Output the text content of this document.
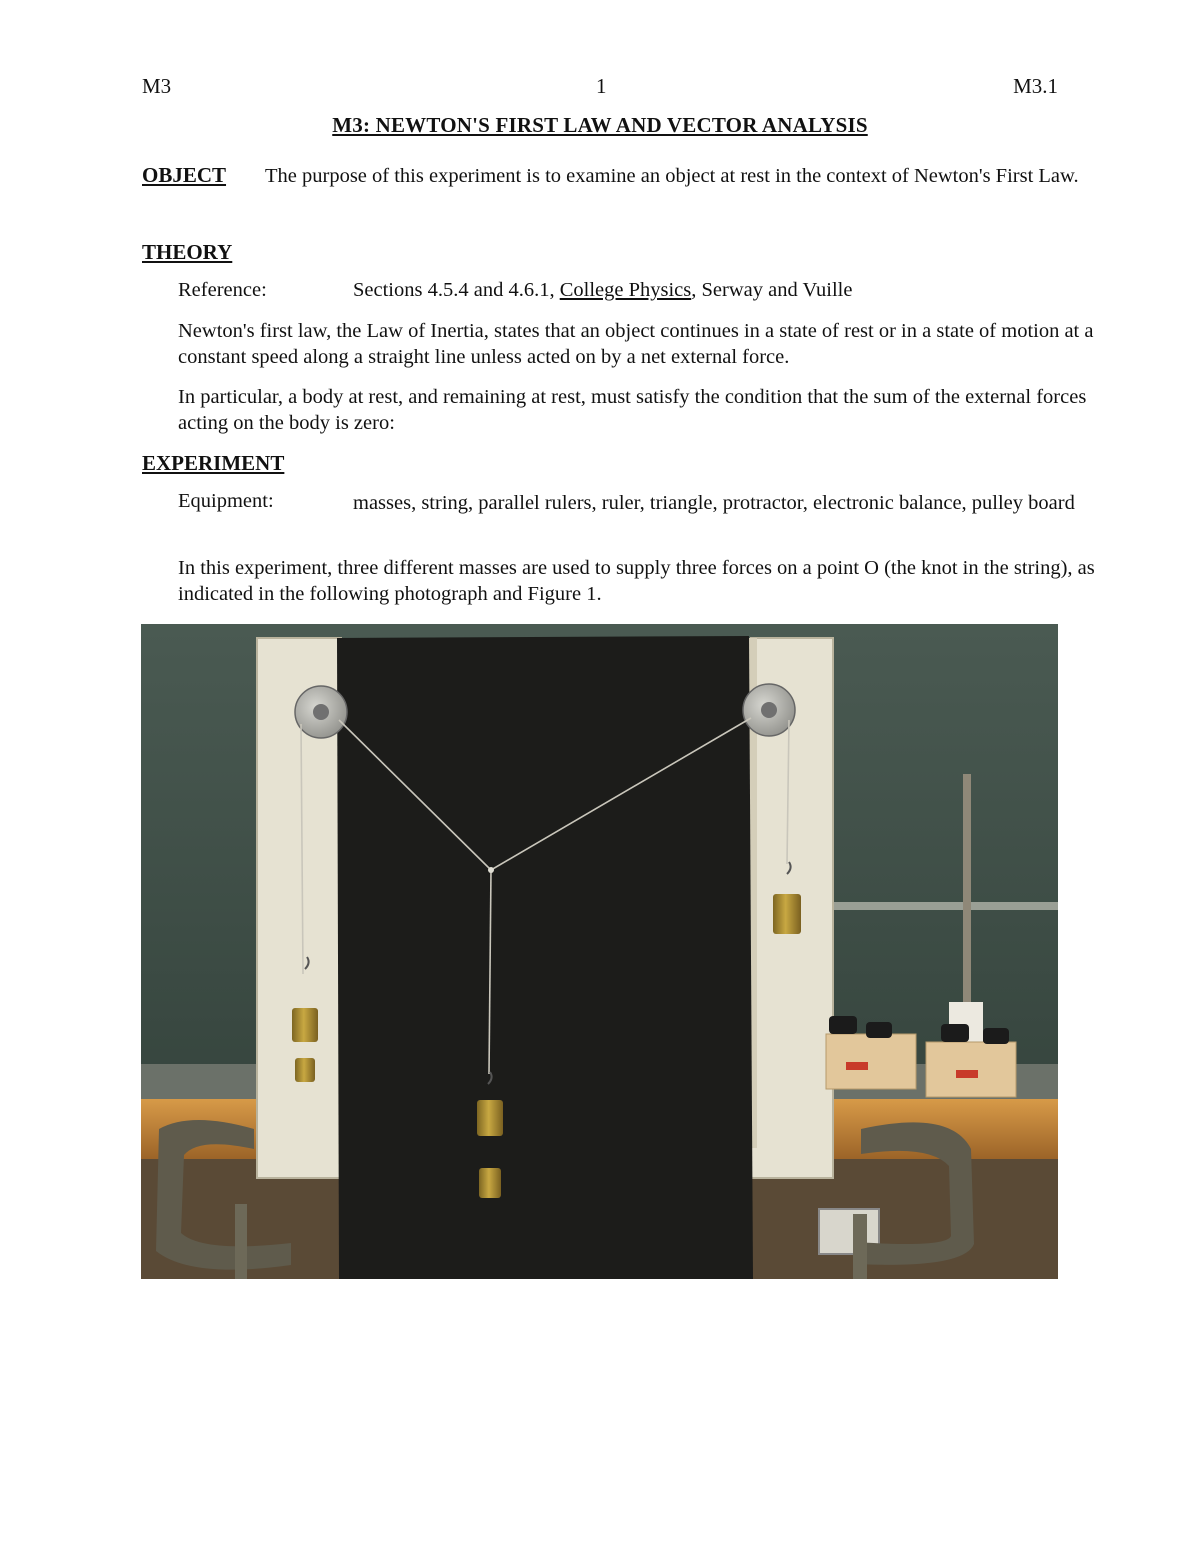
M3	1	M3.1
M3: NEWTON'S FIRST LAW AND VECTOR ANALYSIS
OBJECT The purpose of this experiment is to examine an object at rest in the context of Newton's First Law.
THEORY
Reference:	Sections 4.5.4 and 4.6.1, College Physics, Serway and Vuille
Newton's first law, the Law of Inertia, states that an object continues in a state of rest or in a state of motion at a constant speed along a straight line unless acted on by a net external force.
In particular, a body at rest, and remaining at rest, must satisfy the condition that the sum of the external forces acting on the body is zero:
EXPERIMENT
Equipment:	masses, string, parallel rulers, ruler, triangle, protractor, electronic balance, pulley board
In this experiment, three different masses are used to supply three forces on a point O (the knot in the string), as indicated in the following photograph and Figure 1.
